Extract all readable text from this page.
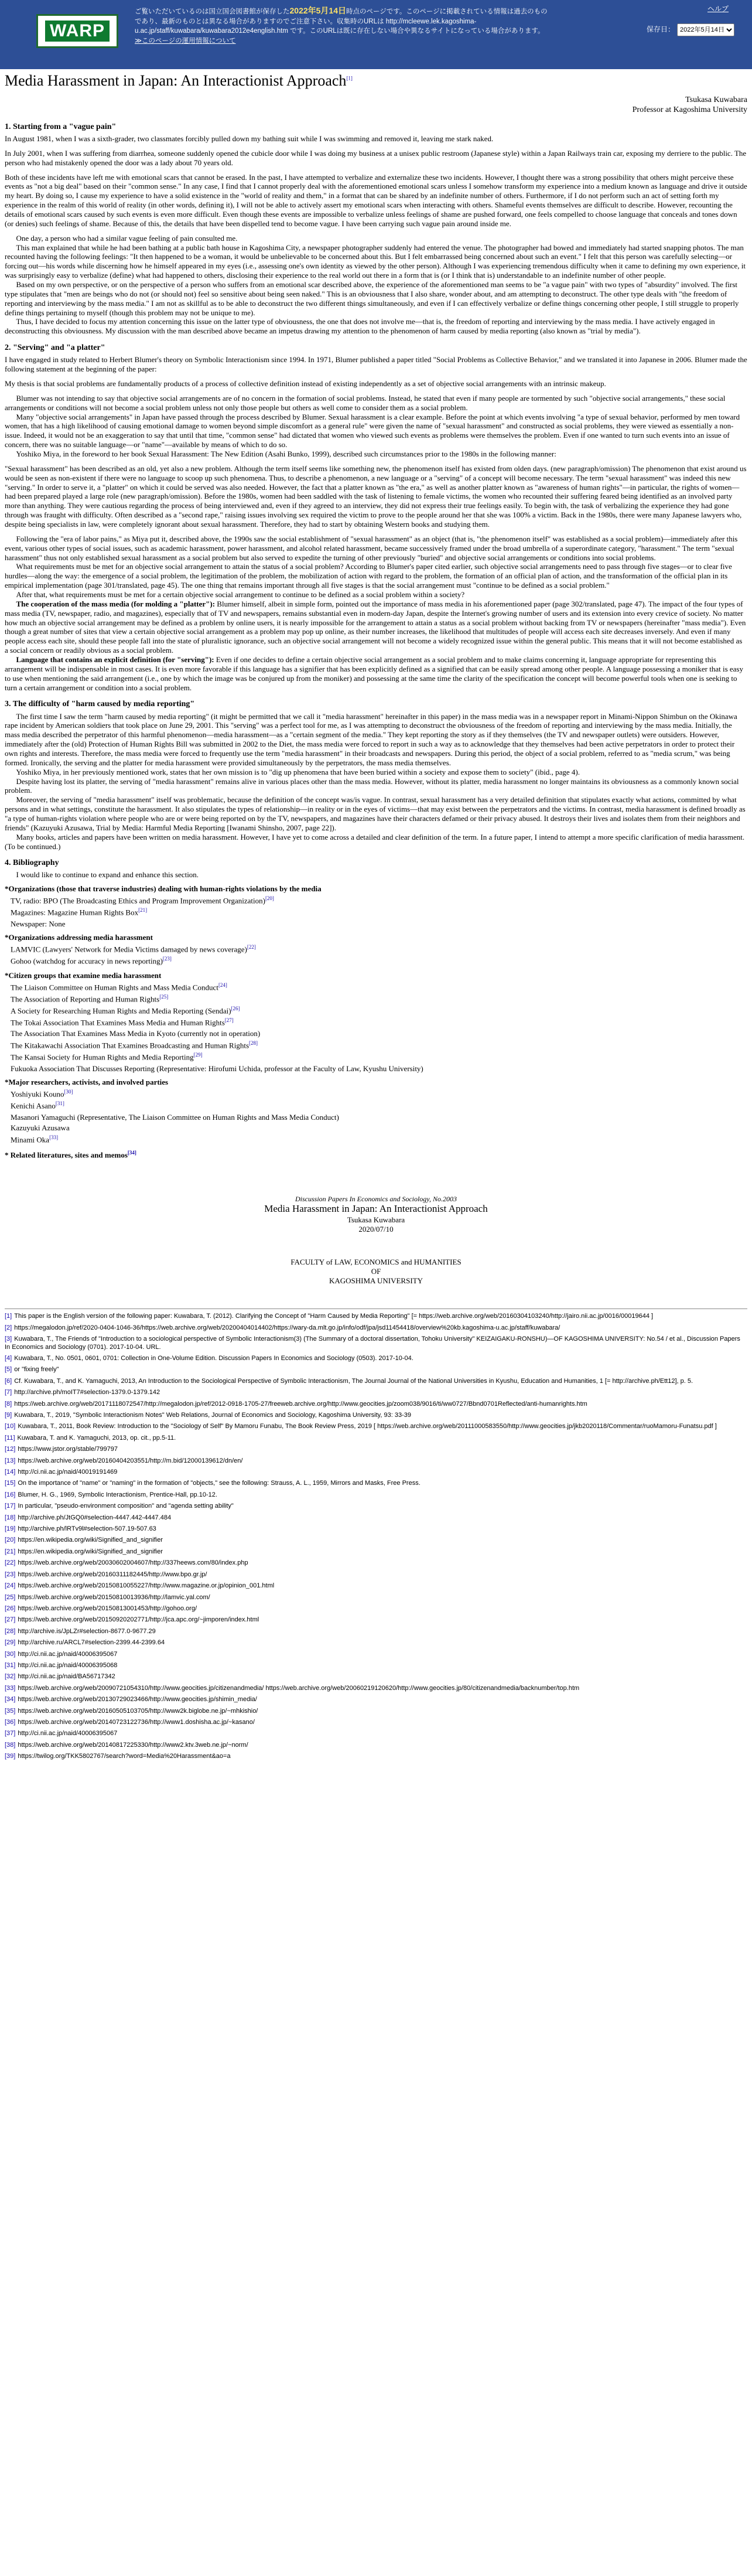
WARP
ご覧いただいているのは国立国会図書館が保存した2022年5月14日時点のページです。このページに掲載されている情報は過去のもの
であり、最新のものとは異なる場合がありますのでご注意下さい。収集時のURLは http://mcleewe.lek.kagoshima-u.ac.jp/staff/kuwabara/kuwabara2012e4english.htm です。このURLは既に存在しない場合や異なるサイトになっている場合があります。
≫このページの運用情報について
ヘルプ
保存日：
2022年5月14日
Media Harassment in Japan: An Interactionist Approach[1]
Tsukasa Kuwabara
Professor at Kagoshima University
1. Starting from a "vague pain"

In August 1981, when I was a sixth-grader, two classmates forcibly pulled down my bathing suit while I was swimming and removed it, leaving me stark naked.

In July 2001, when I was suffering from diarrhea, someone suddenly opened the cubicle door while I was doing my business at a unisex public restroom (Japanese style) within a Japan Railways train car, exposing my derriere to the public. The person who had mistakenly opened the door was a lady about 70 years old.

Both of these incidents have left me with emotional scars that cannot be erased. In the past, I have attempted to verbalize and externalize these two incidents. However, I thought there was a strong possibility that others might perceive these events as "not a big deal" based on their "common sense." In any case, I find that I cannot properly deal with the aforementioned emotional scars unless I somehow transform my experience into a medium known as language and drive it outside my heart. By doing so, I cause my experience to have a solid existence in the "world of reality and them," in a format that can be shared by an indefinite number of others. Furthermore, if I do not perform such an act of setting forth my experience in the realm of this world of reality (in other words, defining it), I will not be able to actively assert my emotional scars when interacting with others. Shameful events themselves are difficult to describe. However, recounting the details of emotional scars caused by such events is even more difficult. Even though these events are impossible to verbalize unless feelings of shame are pushed forward, one feels compelled to choose language that conceals and tones down (or denies) such feelings of shame. Because of this, the details that have been dispelled tend to become vague. I have been carrying such vague pain around inside me.

One day, a person who had a similar vague feeling of pain consulted me.

This man explained that while he had been bathing at a public bath house in Kagoshima City, a newspaper photographer suddenly had entered the venue. The photographer had bowed and immediately had started snapping photos. The man recounted having the following feelings: "It then happened to be a woman, it would be unbelievable to be concerned about this. But I felt embarrassed being concerned about such an event." I felt that this person was carefully selecting—or forcing out—his words while discerning how he himself appeared in my eyes (i.e., assessing one's own identity as viewed by the other person). Although I was experiencing tremendous difficulty when it came to defining my own experience, it was surprisingly easy to verbalize (define) what had happened to others, disclosing their experience to the real world out there in a form that is (or I think that is) understandable to an indefinite number of other people.

Based on my own perspective, or on the perspective of a person who suffers from an emotional scar described above, the experience of the aforementioned man seems to be "a vague pain" with two types of "absurdity" involved. The first type stipulates that "men are beings who do not (or should not) feel so sensitive about being seen naked." This is an obviousness that I also share, wonder about, and am attempting to deconstruct. The other type deals with "the freedom of reporting and interviewing by the mass media." I am not as skillful as to be able to deconstruct the two different things simultaneously, and even if I can effectively verbalize or define things concerning other people, I still struggle to properly define things pertaining to myself (though this problem may not be unique to me).

Thus, I have decided to focus my attention concerning this issue on the latter type of obviousness, the one that does not involve me—that is, the freedom of reporting and interviewing by the mass media. I have actively engaged in deconstructing this obviousness. My discussion with the man described above became an impetus drawing my attention to the phenomenon of harm caused by media reporting (also known as "trial by media").

2. "Serving" and "a platter"

I have engaged in study related to Herbert Blumer's theory on Symbolic Interactionism since 1994. In 1971, Blumer published a paper titled "Social Problems as Collective Behavior," and we translated it into Japanese in 2006. Blumer made the following statement at the beginning of the paper:

My thesis is that social problems are fundamentally products of a process of collective definition instead of existing independently as a set of objective social arrangements with an intrinsic makeup.

Blumer was not intending to say that objective social arrangements are of no concern in the formation of social problems. Instead, he stated that even if many people are tormented by such "objective social arrangements," these social arrangements or conditions will not become a social problem unless not only those people but others as well come to consider them as a social problem.

Many "objective social arrangements" in Japan have passed through the process described by Blumer. Sexual harassment is a clear example. Before the point at which events involving "a type of sexual behavior, performed by men toward women, that has a high likelihood of causing emotional damage to women beyond simple discomfort as a general rule" were given the name of "sexual harassment" and constructed as social problems, they were viewed as essentially a non-issue. Indeed, it would not be an exaggeration to say that until that time, "common sense" had dictated that women who viewed such events as problems were themselves the problem. Even if one wanted to turn such events into an issue of concern, there was no suitable language—or "name"—available by means of which to do so.

Yoshiko Miya, in the foreword to her book Sexual Harassment: The New Edition (Asahi Bunko, 1999), described such circumstances prior to the 1980s in the following manner:

"Sexual harassment" has been described as an old, yet also a new problem. Although the term itself seems like something new, the phenomenon itself has existed from olden days. (new paragraph/omission) The phenomenon that exist around us would be seen as non-existent if there were no language to scoop up such phenomena. Thus, to describe a phenomenon, a new language or a "serving" of a concept will become necessary. The term "sexual harassment" was indeed this new "serving." In order to serve it, a "platter" on which it could be served was also needed. However, the fact that a platter known as "the era," as well as another platter known as "awareness of human rights"—in particular, the rights of women—had been prepared played a large role (new paragraph/omission). Before the 1980s, women had been saddled with the task of listening to female victims, the women who recounted their suffering feared being identified as an involved party more than anything. They were cautious regarding the process of being interviewed and, even if they agreed to an interview, they did not express their true feelings easily. To begin with, the task of verbalizing the experience they had gone through was fraught with difficulty. Often described as a "second rape," raising issues involving sex required the victim to prove to the people around her that she was 100% a victim. Back in the 1980s, there were many Japanese lawyers who, despite being specialists in law, were completely ignorant about sexual harassment. Therefore, they had to start by obtaining Western books and studying them.

Following the "era of labor pains," as Miya put it, described above, the 1990s saw the social establishment of "sexual harassment" as an object (that is, "the phenomenon itself" was established as a social problem)—immediately after this event, various other types of social issues, such as academic harassment, power harassment, and alcohol related harassment, became successively framed under the broad umbrella of a superordinate category, "harassment." The term "sexual harassment" thus not only established sexual harassment as a social problem but also served to expedite the turning of other previously "buried" and objective social arrangements or conditions into social problems.

What requirements must be met for an objective social arrangement to attain the status of a social problem? According to Blumer's paper cited earlier, such objective social arrangements need to pass through five stages—or to clear five hurdles—along the way: the emergence of a social problem, the legitimation of the problem, the mobilization of action with regard to the problem, the formation of an official plan of action, and the transformation of the official plan in its empirical implementation (page 301/translated, page 45). The one thing that remains important through all five stages is that the social arrangement must "continue to be defined as a social problem."

After that, what requirements must be met for a certain objective social arrangement to continue to be defined as a social problem within a society?

The cooperation of the mass media (for molding a "platter"): Blumer himself, albeit in simple form, pointed out the importance of mass media in his aforementioned paper (page 302/translated, page 47). The impact of the four types of mass media (TV, newspaper, radio, and magazines), especially that of TV and newspapers, remains substantial even in modern-day Japan, despite the Internet's growing number of users and its extension into every crevice of society. No matter how much an objective social arrangement may be defined as a problem by online users, it is nearly impossible for the arrangement to attain a status as a social problem without backing from TV or newspapers (hereinafter "mass media"). Even though a great number of sites that view a certain objective social arrangement as a problem may pop up online, as their number increases, the likelihood that multitudes of people will access each site decreases inversely. And even if many people access each site, should these people fall into the state of pluralistic ignorance, such an objective social arrangement will not become a widely recognized issue within the general public. This means that it will not become established as a social concern or readily obvious as a social problem.

Language that contains an explicit definition (for "serving"): Even if one decides to define a certain objective social arrangement as a social problem and to make claims concerning it, language appropriate for representing this arrangement will be indispensable in most cases. It is even more favorable if this language has a signifier that has been explicitly defined as a signified that can be easily spread among other people. A language possessing a moniker that is easy to use when mentioning the said arrangement (i.e., one by which the image was be conjured up from the moniker) and possessing at the same time the clarity of the specification the concept will become powerful tools when one is seeking to turn a certain arrangement or condition into a social problem.

3. The difficulty of "harm caused by media reporting"

The first time I saw the term "harm caused by media reporting" (it might be permitted that we call it "media harassment" hereinafter in this paper) in the mass media was in a newspaper report in Minami-Nippon Shimbun on the Okinawa rape incident by American soldiers that took place on June 29, 2001. This "serving" was a perfect tool for me, as I was attempting to deconstruct the obviousness of the freedom of reporting and interviewing by the mass media. Initially, the mass media described the perpetrator of this harmful phenomenon—media harassment—as a "certain segment of the media." They kept reporting the story as if they themselves (the TV and newspaper outlets) were outsiders. However, immediately after the (old) Protection of Human Rights Bill was submitted in 2002 to the Diet, the mass media were forced to report in such a way as to acknowledge that they themselves had been active perpetrators in order to protect their own rights and interests. Therefore, the mass media were forced to frequently use the term "media harassment" in their broadcasts and newspapers. During this period, the object of a social problem, referred to as "media scrum," was being formed. Ironically, the serving and the platter for media harassment were provided simultaneously by the perpetrators, the mass media themselves.

Yoshiko Miya, in her previously mentioned work, states that her own mission is to "dig up phenomena that have been buried within a society and expose them to society" (ibid., page 4).

Despite having lost its platter, the serving of "media harassment" remains alive in various places other than the mass media. However, without its platter, media harassment no longer maintains its obviousness as a commonly known social problem.

Moreover, the serving of "media harassment" itself was problematic, because the definition of the concept was/is vague. In contrast, sexual harassment has a very detailed definition that stipulates exactly what actions, committed by what persons and in what settings, constitute the harassment. It also stipulates the types of relationship—in reality or in the eyes of victims—that may exist between the perpetrators and the victims. In contrast, media harassment is defined broadly as "a type of human-rights violation where people who are or were being reported on by the TV, newspapers, and magazines have their characters defamed or their privacy abused. It destroys their lives and isolates them from their neighbors and friends" (Kazuyuki Azusawa, Trial by Media: Harmful Media Reporting [Iwanami Shinsho, 2007, page 22]).

Many books, articles and papers have been written on media harassment. However, I have yet to come across a detailed and clear definition of the term. In a future paper, I intend to attempt a more specific clarification of media harassment. (To be continued.)

4. Bibliography

I would like to continue to expand and enhance this section.

*Organizations (those that traverse industries) dealing with human-rights violations by the media
TV, radio: BPO (The Broadcasting Ethics and Program Improvement Organization)[20]
Magazines: Magazine Human Rights Box[21]
Newspaper: None
*Organizations addressing media harassment
LAMVIC (Lawyers' Network for Media Victims damaged by news coverage)[22]
Gohoo (watchdog for accuracy in news reporting)[23]
*Citizen groups that examine media harassment
The Liaison Committee on Human Rights and Mass Media Conduct[24]
The Association of Reporting and Human Rights[25]
A Society for Researching Human Rights and Media Reporting (Sendai)[26]
The Tokai Association That Examines Mass Media and Human Rights[27]
The Association That Examines Mass Media in Kyoto (currently not in operation)
The Kitakawachi Association That Examines Broadcasting and Human Rights[28]
The Kansai Society for Human Rights and Media Reporting[29]
Fukuoka Association That Discusses Reporting (Representative: Hirofumi Uchida, professor at the Faculty of Law, Kyushu University)
*Major researchers, activists, and involved parties
Yoshiyuki Kouno[30]
Kenichi Asano[31]
Masanori Yamaguchi (Representative, The Liaison Committee on Human Rights and Mass Media Conduct)
Kazuyuki Azusawa
Minami Oka[33]
* Related literatures, sites and memos[34]
Discussion Papers In Economics and Sociology, No.2003
Media Harassment in Japan: An Interactionist Approach
Tsukasa Kuwabara
2020/07/10
FACULTY of LAW, ECONOMICS and HUMANITIES
OF
KAGOSHIMA UNIVERSITY
[1] This paper is the English version of the following paper: Kuwabara, T. (2012). Clarifying the Concept of "Harm Caused by Media Reporting" [= https://web.archive.org/web/20160304103240/http://jairo.nii.ac.jp/0016/00019644 ]
[2] https://megalodon.jp/ref/2020-0404-1046-36/https://web.archive.org/web/20200404014402/https://wary-da.mlt.go.jp/info/odf/jpa/jsd11454418/overview%20kb.kagoshima-u.ac.jp/staff/kuwabara/
[3] Kuwabara, T., The Friends of "Introduction to a sociological perspective of Symbolic Interactionism(3) (The Summary of a doctoral dissertation, Tohoku University" KEIZAIGAKU-RONSHU)—OF KAGOSHIMA UNIVERSITY: No.54 / et al., Discussion Papers In Economics and Sociology (0701). 2017-10-04. URL.
[4] Kuwabara, T., No. 0501, 0601, 0701: Collection in One-Volume Edition. Discussion Papers In Economics and Sociology (0503). 2017-10-04.
[5] or "fixing freely"
[6] Cf. Kuwabara, T., and K. Yamaguchi, 2013, An Introduction to the Sociological Perspective of Symbolic Interactionism, The Journal Journal of the National Universities in Kyushu, Education and Humanities, 1 [= http://archive.ph/Ett12], p. 5.
[7] http://archive.ph/moIT7#selection-1379.0-1379.142
[8] https://web.archive.org/web/20171118072547/http://megalodon.jp/ref/2012-0918-1705-27/freeweb.archive.org/http://www.geocities.jp/zoom038/9016/ti/ww0727/Bbnd0701Reflected/anti-humanrights.htm
[9] Kuwabara, T., 2019, "Symbolic Interactionism Notes" Web Relations, Journal of Economics and Sociology, Kagoshima University, 93: 33-39
[10] Kuwabara, T., 2011, Book Review: Introduction to the "Sociology of Self" By Mamoru Funabu, The Book Review Press, 2019 [ https://web.archive.org/web/20111000583550/http://www.geocities.jp/jkb2020118/Commentar/ruoMamoru-Funatsu.pdf ]
[11] Kuwabara, T. and K. Yamaguchi, 2013, op. cit., pp.5-11.
[12] https://www.jstor.org/stable/799797
[13] https://web.archive.org/web/20160404203551/http://m.bid/12000139612/dn/en/
[14] http://ci.nii.ac.jp/naid/40019191469
[15] On the importance of "name" or "naming" in the formation of "objects," see the following: Strauss, A. L., 1959, Mirrors and Masks, Free Press.
[16] Blumer, H. G., 1969, Symbolic Interactionism, Prentice-Hall, pp.10-12.
[17] In particular, "pseudo-environment composition" and "agenda setting ability"
[18] http://archive.ph/JtGQ0#selection-4447.442-4447.484
[19] http://archive.ph/lRTv9l#selection-507.19-507.63
[20] https://en.wikipedia.org/wiki/Signified_and_signifier
[21] https://en.wikipedia.org/wiki/Signified_and_signifier
[22] https://web.archive.org/web/20030602004607/http://337heews.com/80/index.php
[23] https://web.archive.org/web/20160311182445/http://www.bpo.gr.jp/
[24] https://web.archive.org/web/20150810055227/http://www.magazine.or.jp/opinion_001.html
[25] https://web.archive.org/web/20150810013936/http://lamvic.yal.com/
[26] https://web.archive.org/web/20150813001453/http://gohoo.org/
[27] https://web.archive.org/web/20150920202771/http://jca.apc.org/~jimporen/index.html
[28] http://archive.is/JpLZr#selection-8677.0-9677.29
[29] http://archive.ru/ARCL7#selection-2399.44-2399.64
[30] http://ci.nii.ac.jp/naid/40006395067
[31] http://ci.nii.ac.jp/naid/40006395068
[32] http://ci.nii.ac.jp/naid/BA56717342
[33] https://web.archive.org/web/20090721054310/http://www.geocities.jp/citizenandmedia/ https://web.archive.org/web/20060219120620/http://www.geocities.jp/80/citizenandmedia/backnumber/top.htm
[34] https://web.archive.org/web/20130729023466/http://www.geocities.jp/shimin_media/
[35] https://web.archive.org/web/20160505103705/http://www2k.biglobe.ne.jp/~mhkishio/
[36] https://web.archive.org/web/20140723122736/http://www1.doshisha.ac.jp/~kasano/
[37] http://ci.nii.ac.jp/naid/40006395067
[38] https://web.archive.org/web/20140817225330/http://www2.ktv.3web.ne.jp/~norm/
[39] https://twilog.org/TKK5802767/search?word=Media%20Harassment&ao=a
